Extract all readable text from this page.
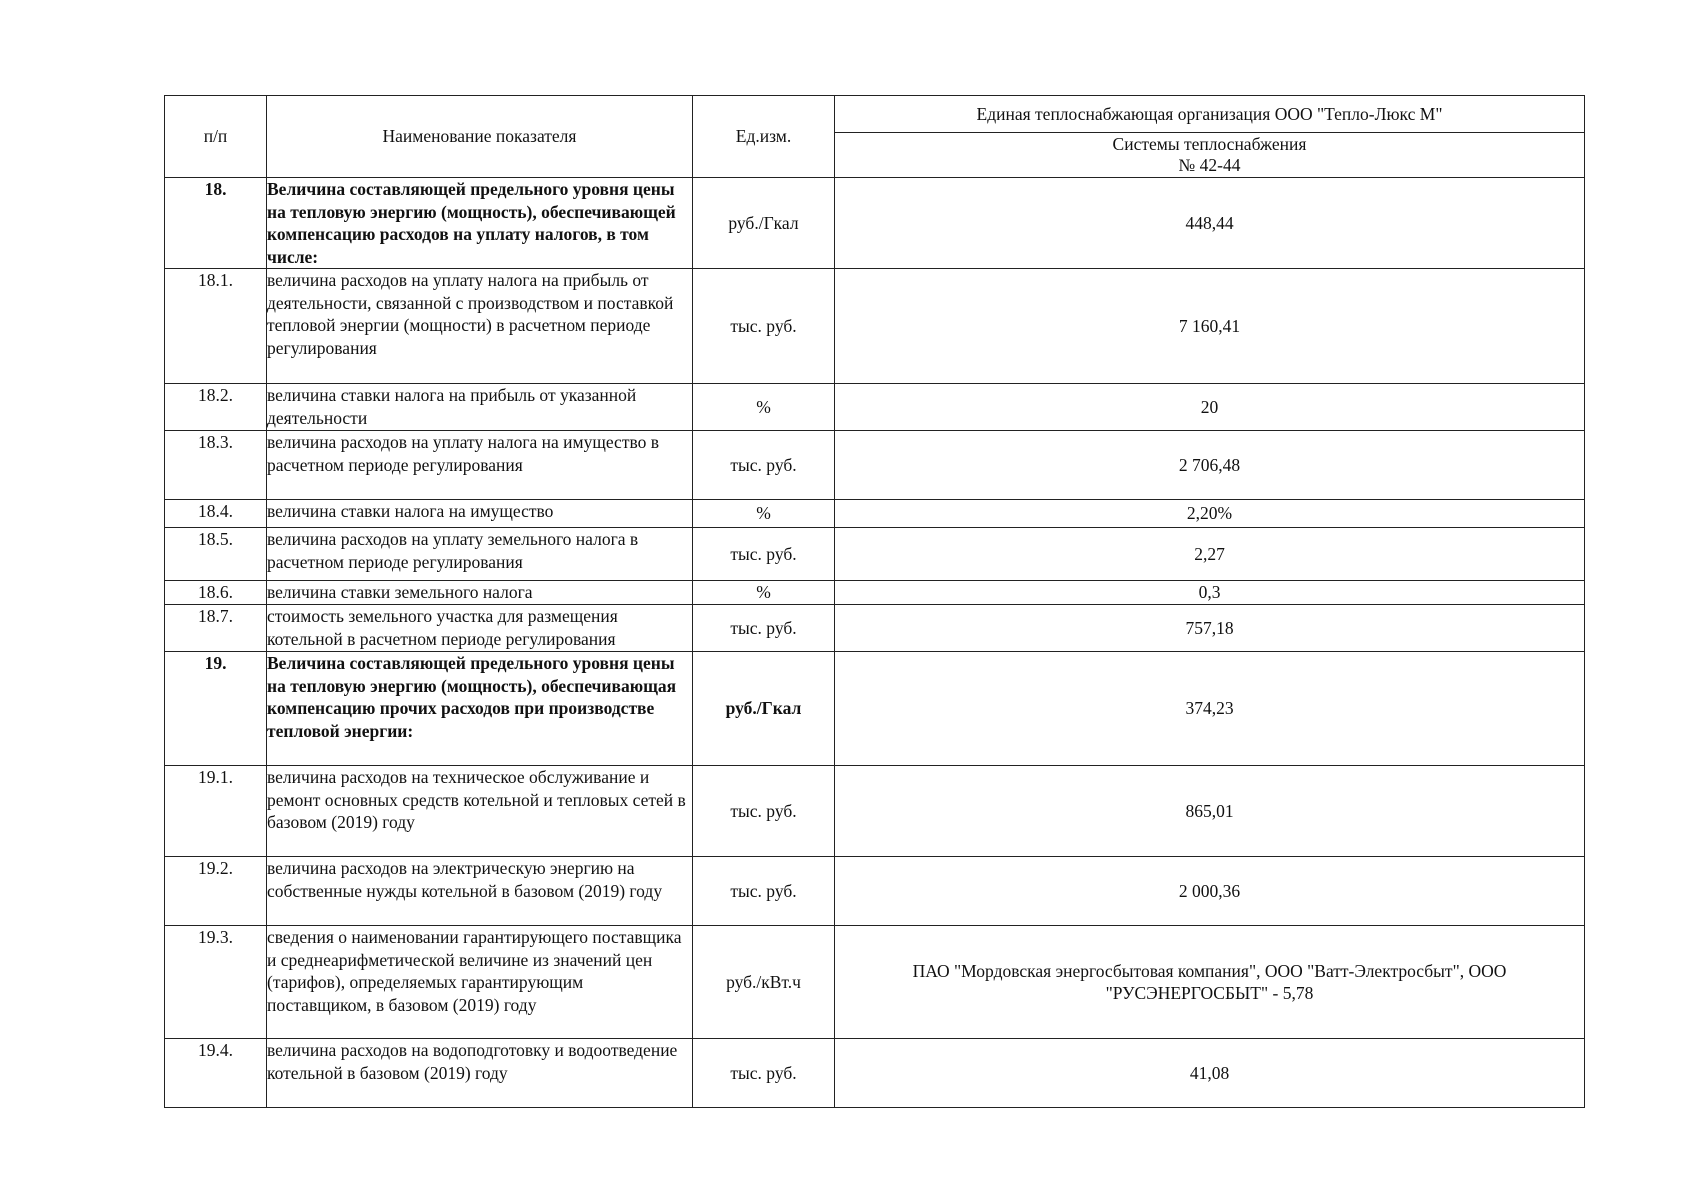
п/п	Наименование показателя	Ед.изм.	Единая теплоснабжающая организация ООО "Тепло-Люкс М"
			Системы теплоснабжения
№ 42-44
18.	Величина составляющей предельного уровня цены на тепловую энергию (мощность), обеспечивающей компенсацию расходов на уплату налогов, в том числе:	руб./Гкал	448,44
18.1.	величина расходов на уплату налога на прибыль от деятельности, связанной с производством и поставкой тепловой энергии (мощности) в расчетном периоде регулирования	тыс. руб.	7 160,41
18.2.	величина ставки налога на прибыль от указанной деятельности	%	20
18.3.	величина расходов на уплату налога на имущество в расчетном периоде регулирования	тыс. руб.	2 706,48
18.4.	величина ставки налога на имущество	%	2,20%
18.5.	величина расходов на уплату земельного налога в расчетном периоде регулирования	тыс. руб.	2,27
18.6.	величина ставки земельного налога	%	0,3
18.7.	стоимость земельного участка для размещения котельной в расчетном периоде регулирования	тыс. руб.	757,18
19.	Величина составляющей предельного уровня цены на тепловую энергию (мощность), обеспечивающая компенсацию прочих расходов при производстве тепловой энергии:	руб./Гкал	374,23
19.1.	величина расходов на техническое обслуживание и ремонт основных средств котельной и тепловых сетей в базовом (2019) году	тыс. руб.	865,01
19.2.	величина расходов на электрическую энергию на собственные нужды котельной в базовом (2019) году	тыс. руб.	2 000,36
19.3.	сведения о наименовании гарантирующего поставщика и среднеарифметической величине из значений цен (тарифов), определяемых гарантирующим поставщиком, в базовом (2019) году	руб./кВт.ч	ПАО "Мордовская энергосбытовая компания", ООО "Ватт-Электросбыт", ООО "РУСЭНЕРГОСБЫТ" - 5,78
19.4.	величина расходов на водоподготовку и водоотведение котельной в базовом (2019) году	тыс. руб.	41,08
